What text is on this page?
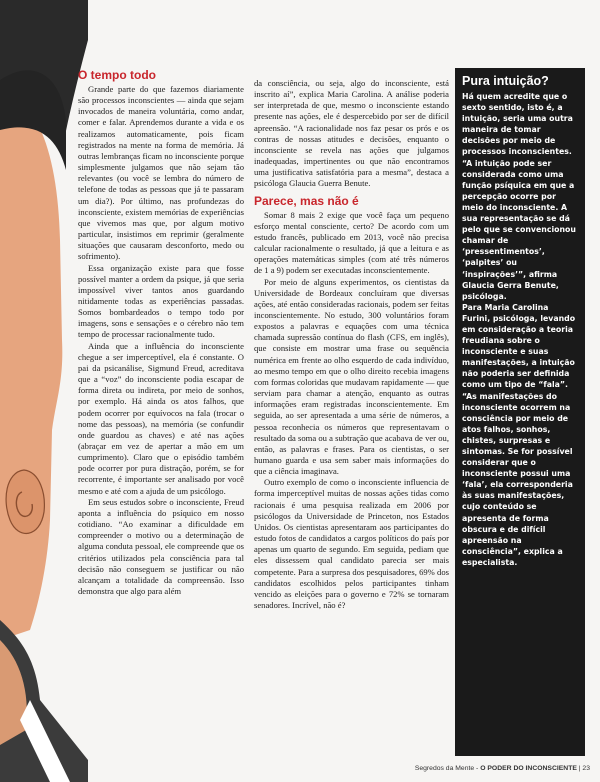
O tempo todo

Grande parte do que fazemos diariamente são processos inconscientes — ainda que sejam invocados de maneira voluntária, como andar, comer e falar. Aprendemos durante a vida e os realizamos automaticamente, pois ficam registrados na mente na forma de memória. Já outras lembranças ficam no inconsciente porque simplesmente julgamos que não sejam tão relevantes (ou você se lembra do número de telefone de todas as pessoas que já te passaram um dia?). Por último, nas profundezas do inconsciente, existem memórias de experiências que vivemos mas que, por algum motivo particular, insistimos em reprimir (geralmente situações que causaram desconforto, medo ou sofrimento).

Essa organização existe para que fosse possível manter a ordem da psique, já que seria impossível viver tantos anos guardando nitidamente todas as experiências passadas. Somos bombardeados o tempo todo por imagens, sons e sensações e o cérebro não tem tempo de processar racionalmente tudo.

Ainda que a influência do inconsciente chegue a ser imperceptível, ela é constante. O pai da psicanálise, Sigmund Freud, acreditava que a “voz” do inconsciente podia escapar de forma direta ou indireta, por meio de sonhos, por exemplo. Há ainda os atos falhos, que podem ocorrer por equívocos na fala (trocar o nome das pessoas), na memória (se confundir onde guardou as chaves) e até nas ações (abraçar em vez de apertar a mão em um cumprimento). Claro que o episódio também pode ocorrer por pura distração, porém, se for recorrente, é importante ser analisado por você mesmo e até com a ajuda de um psicólogo.

Em seus estudos sobre o inconsciente, Freud aponta a influência do psíquico em nosso cotidiano. “Ao examinar a dificuldade em compreender o motivo ou a determinação de alguma conduta pessoal, ele compreende que os critérios utilizados pela consciência para tal decisão não conseguem se justificar ou não alcançam a totalidade da compreensão. Isso demonstra que algo para além

da consciência, ou seja, algo do inconsciente, está inscrito aí”, explica Maria Carolina. A análise poderia ser interpretada de que, mesmo o inconsciente estando presente nas ações, ele é despercebido por ser de difícil apreensão. “A racionalidade nos faz pesar os prós e os contras de nossas atitudes e decisões, enquanto o inconsciente se revela nas ações que julgamos inadequadas, impertinentes ou que não encontramos uma justificativa satisfatória para a mesma”, destaca a psicóloga Glaucia Guerra Benute.

Parece, mas não é

Somar 8 mais 2 exige que você faça um pequeno esforço mental consciente, certo? De acordo com um estudo francês, publicado em 2013, você não precisa calcular racionalmente o resultado, já que a leitura e as operações matemáticas simples (com até três números de 1 a 9) podem ser executadas inconscientemente.

Por meio de alguns experimentos, os cientistas da Universidade de Bordeaux concluíram que diversas ações, até então consideradas racionais, podem ser feitas inconscientemente. No estudo, 300 voluntários foram expostos a palavras e equações com uma técnica chamada supressão contínua do flash (CFS, em inglês), que consiste em mostrar uma frase ou sequência numérica em frente ao olho esquerdo de cada indivíduo, ao mesmo tempo em que o olho direito recebia imagens com formas coloridas que mudavam rapidamente — que serviam para chamar a atenção, enquanto as outras informações eram registradas inconscientemente. Em seguida, ao ser apresentada a uma série de números, a pessoa reconhecia os números que representavam o resultado da soma ou a subtração que acabava de ver ou, então, as palavras e frases. Para os cientistas, o ser humano guarda e usa sem saber mais informações do que a ciência imaginava.

Outro exemplo de como o inconsciente influencia de forma imperceptível muitas de nossas ações tidas como racionais é uma pesquisa realizada em 2006 por psicólogos da Universidade de Princeton, nos Estados Unidos. Os cientistas apresentaram aos participantes do estudo fotos de candidatos a cargos políticos do país por apenas um quarto de segundo. Em seguida, pediam que eles dissessem qual candidato parecia ser mais competente. Para a surpresa dos pesquisadores, 69% dos candidatos escolhidos pelos participantes tinham vencido as eleições para o governo e 72% se tornaram senadores. Incrível, não é?

Pura intuição?

Há quem acredite que o sexto sentido, isto é, a intuição, seria uma outra maneira de tomar decisões por meio de processos inconscientes. “A intuição pode ser considerada como uma função psíquica em que a percepção ocorre por meio do inconsciente. A sua representação se dá pelo que se convencionou chamar de ‘pressentimentos’, ‘palpites’ ou ‘inspirações’”, afirma Glaucia Gerra Benute, psicóloga.

Para Maria Carolina Furini, psicóloga, levando em consideração a teoria freudiana sobre o inconsciente e suas manifestações, a intuição não poderia ser definida como um tipo de “fala”. “As manifestações do inconsciente ocorrem na consciência por meio de atos falhos, sonhos, chistes, surpresas e sintomas. Se for possível considerar que o inconsciente possui uma ‘fala’, ela corresponderia às suas manifestações, cujo conteúdo se apresenta de forma obscura e de difícil apreensão na consciência”, explica a especialista.

Segredos da Mente - O PODER DO INCONSCIENTE | 23
